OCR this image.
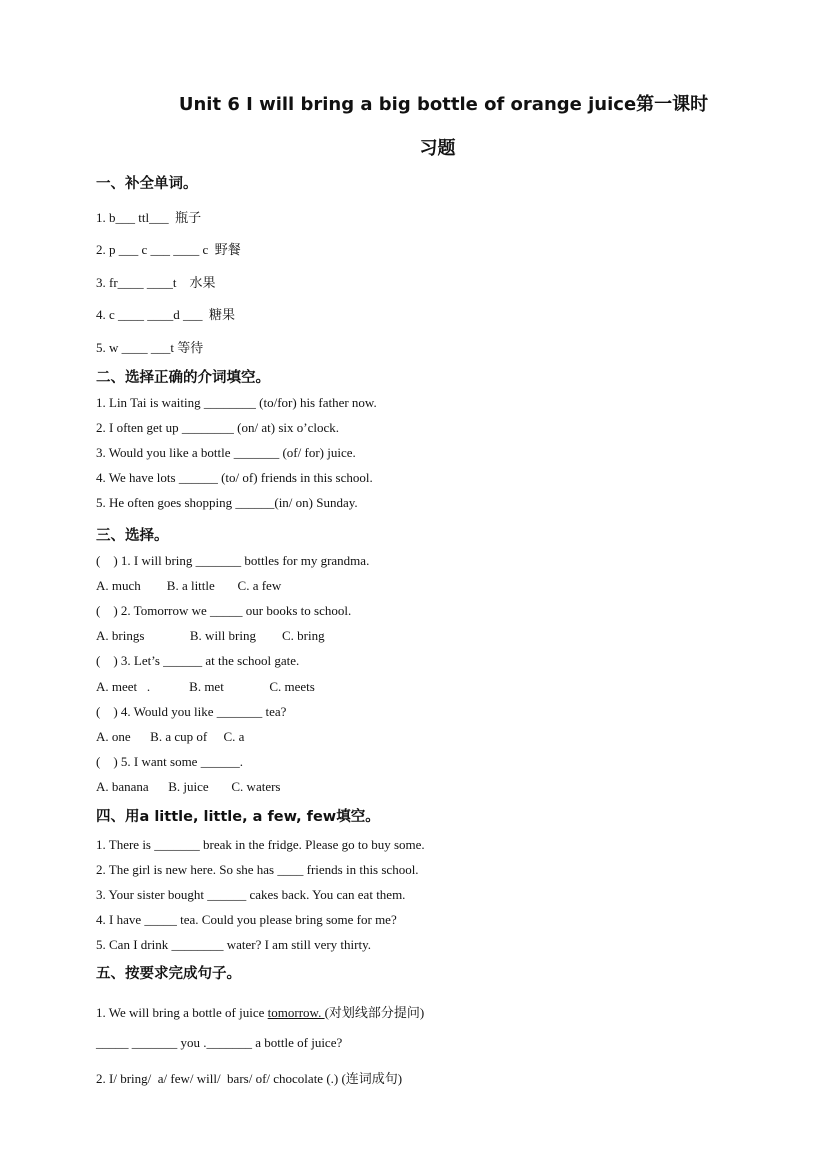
Unit 6 I will bring a big bottle of orange juice第一课时
习题
一、补全单词。
1. b___ ttl___  瓶子
2. p ___ c ___ ____ c  野餐
3. fr____ ____t    水果
4. c ____ ____d ___  糖果
5. w ____ ___t 等待
二、选择正确的介词填空。
1. Lin Tai is waiting ________ (to/for) his father now.
2. I often get up ________ (on/ at) six o’clock.
3. Would you like a bottle _______ (of/ for) juice.
4. We have lots ______ (to/ of) friends in this school.
5. He often goes shopping ______(in/ on) Sunday.
三、选择。
(    ) 1. I will bring _______ bottles for my grandma.
A. much        B. a little       C. a few
(    ) 2. Tomorrow we _____ our books to school.
A. brings              B. will bring        C. bring
(    ) 3. Let’s ______ at the school gate.
A. meet   .            B. met              C. meets
(    ) 4. Would you like _______ tea?
A. one      B. a cup of     C. a
(    ) 5. I want some ______.
A. banana      B. juice       C. waters
四、用a little, little, a few, few填空。
1. There is _______ break in the fridge. Please go to buy some.
2. The girl is new here. So she has ____ friends in this school.
3. Your sister bought ______ cakes back. You can eat them.
4. I have _____ tea. Could you please bring some for me?
5. Can I drink ________ water? I am still very thirty.
五、按要求完成句子。
1. We will bring a bottle of juice tomorrow. (对划线部分提问)
_____ _______ you ._______ a bottle of juice?
2. I/ bring/  a/ few/ will/  bars/ of/ chocolate (.) (连词成句)
